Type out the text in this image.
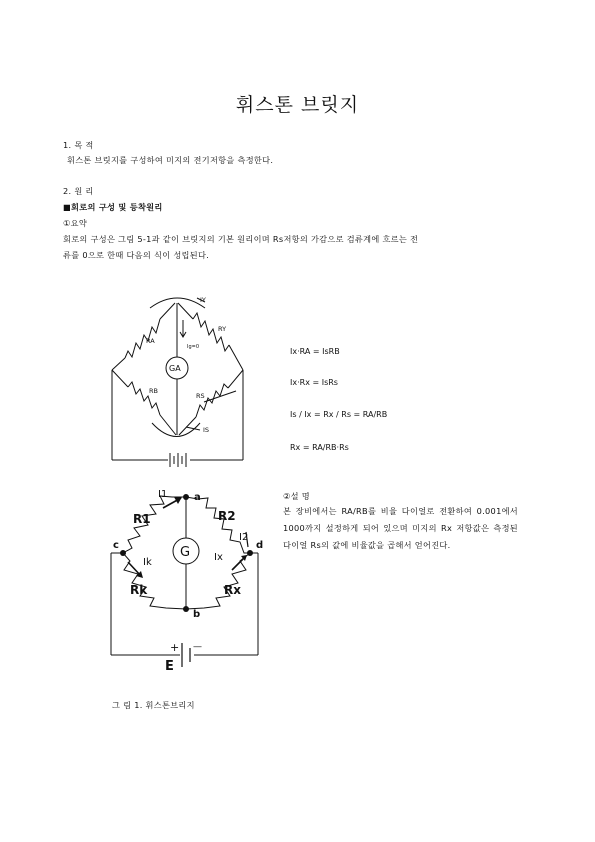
휘스톤 브릿지
1. 목 적
휘스톤 브릿지를 구성하여 미지의 전기저항을 측정한다.
2. 원 리
■회로의 구성 및 등착원리
①요약
회로의 구성은 그림 5-1과 같이 브릿지의 기본 원리이며 Rs저항의 가감으로 검류계에 흐르는 전
류를 0으로 한때 다음의 식이 성립된다.
IY
RY
RA
GA
Ig=0
RB
RS
IS
Ix·RA = IsRB
Ix·Rx = IsRs
Is / Ix = Rx / Rs = RA/RB
Rx = RA/RB·Rs
I1	a
R1	R2
I2
c	d
Ik
G Ix
Rk	Rx
b
+ —
E
②설 명
본 장비에서는 RA/RB를 비율 다이얼로 전환하여 0.001에서 1000까지 설정하게 되어 있으며 미지의 Rx 저항값은 측정된 다이얼 Rs의 값에 비율값을 곱해서 얻어진다.
그 림 1. 휘스톤브리지
